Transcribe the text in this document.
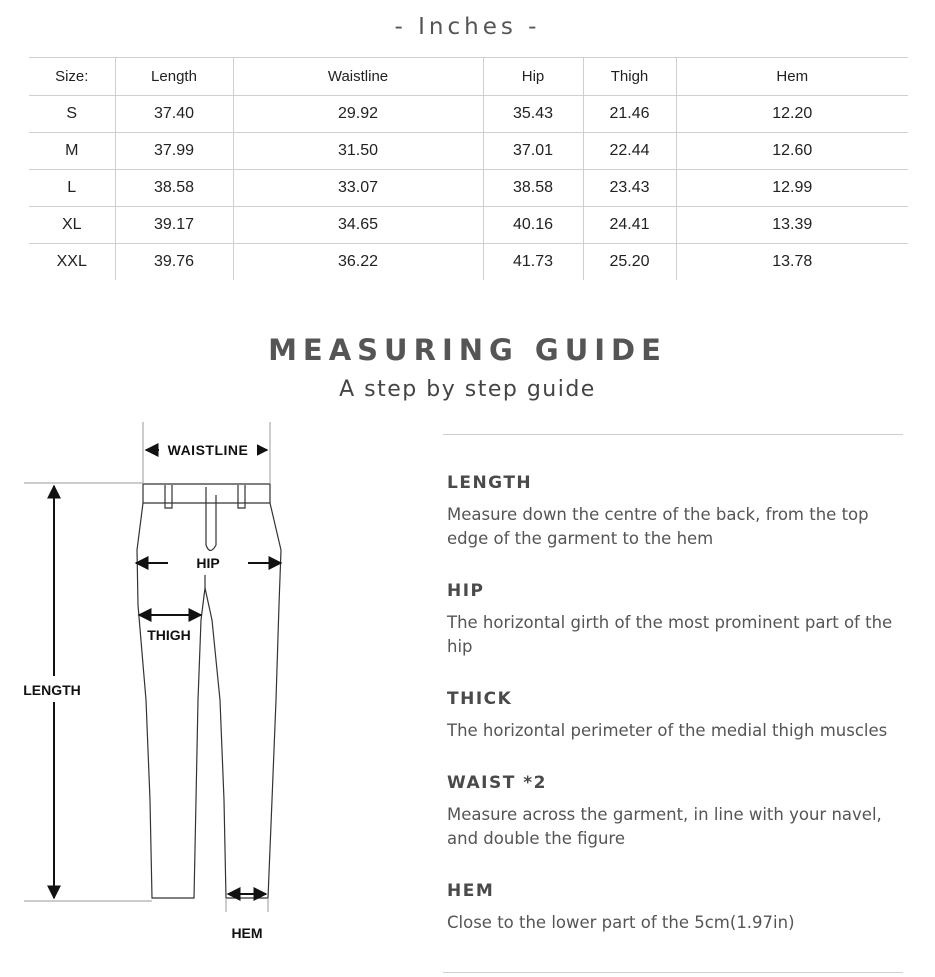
- Inches -
Size:	Length	Waistline	Hip	Thigh	Hem
S	37.40	29.92	35.43	21.46	12.20
M	37.99	31.50	37.01	22.44	12.60
L	38.58	33.07	38.58	23.43	12.99
XL	39.17	34.65	40.16	24.41	13.39
XXL	39.76	36.22	41.73	25.20	13.78
MEASURING GUIDE
A step by step guide
WAISTLINE
HIP
THIGH
LENGTH
HEM
LENGTH
Measure down the centre of the back, from the top edge of the garment to the hem
HIP
The horizontal girth of the most prominent part of the hip
THICK
The horizontal perimeter of the medial thigh muscles
WAIST *2
Measure across the garment, in line with your navel, and double the figure
HEM
Close to the lower part of the 5cm(1.97in)
